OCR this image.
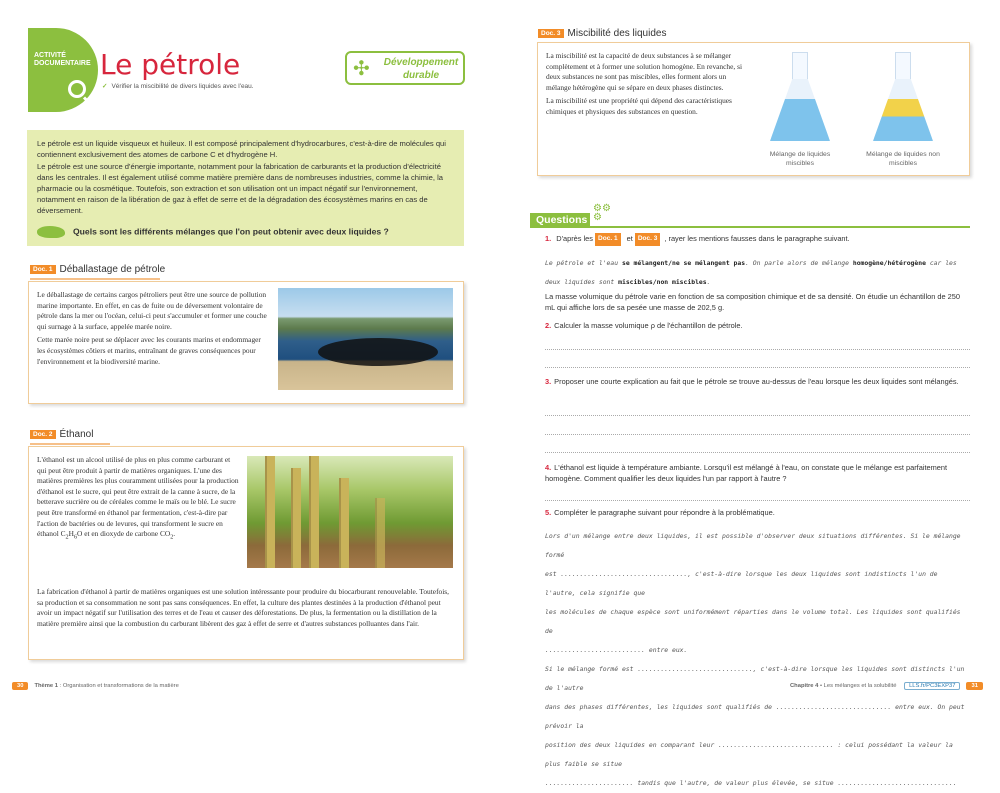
ACTIVITÉ DOCUMENTAIRE Le pétrole
✓ Vérifier la miscibilité de divers liquides avec l'eau.
✣	Développement durable

Le pétrole est un liquide visqueux et huileux. Il est composé principalement d'hydrocarbures, c'est-à-dire de molécules qui contiennent exclusivement des atomes de carbone C et d'hydrogène H.

Le pétrole est une source d'énergie importante, notamment pour la fabrication de carburants et la production d'électricité dans les centrales. Il est également utilisé comme matière première dans de nombreuses industries, comme la chimie, la pharmacie ou la cosmétique. Toutefois, son extraction et son utilisation ont un impact négatif sur l'environnement, notamment en raison de la libération de gaz à effet de serre et de la dégradation des écosystèmes marins en cas de déversement.

Quels sont les différents mélanges que l'on peut obtenir avec deux liquides ?
Doc. 1 Déballastage de pétrole

Le déballastage de certains cargos pétroliers peut être une source de pollution marine importante. En effet, en cas de fuite ou de déversement volontaire de pétrole dans la mer ou l'océan, celui-ci peut s'accumuler et former une couche qui surnage à la surface, appelée marée noire.

Cette marée noire peut se déplacer avec les courants marins et endommager les écosystèmes côtiers et marins, entraînant de graves conséquences pour l'environnement et la biodiversité marine.

Doc. 2 Éthanol
L'éthanol est un alcool utilisé de plus en plus comme carburant et qui peut être produit à partir de matières organiques. L'une des matières premières les plus couramment utilisées pour la production d'éthanol est le sucre, qui peut être extrait de la canne à sucre, de la betterave sucrière ou de céréales comme le maïs ou le blé. Le sucre peut être transformé en éthanol par fermentation, c'est-à-dire par l'action de bactéries ou de levures, qui transforment le sucre en éthanol $C_2H_6O$ et en dioxyde de carbone $CO_2$.
La fabrication d'éthanol à partir de matières organiques est une solution intéressante pour produire du biocarburant renouvelable. Toutefois, sa production et sa consommation ne sont pas sans conséquences. En effet, la culture des plantes destinées à la production d'éthanol peut avoir un impact négatif sur l'utilisation des terres et de l'eau et causer des déforestations. De plus, la fermentation ou la distillation de la matière première ainsi que la combustion du carburant libèrent des gaz à effet de serre et d'autres substances polluantes dans l'air.
Doc. 3 Miscibilité des liquides

La miscibilité est la capacité de deux substances à se mélanger complètement et à former une solution homogène. En revanche, si deux substances ne sont pas miscibles, elles forment alors un mélange hétérogène qui se sépare en deux phases distinctes.

La miscibilité est une propriété qui dépend des caractéristiques chimiques et physiques des substances en question.

Mélange de liquides miscibles
Mélange de liquides non miscibles
Questions
⚙⚙
⚙
1. D'après les Doc. 1 et Doc. 3 , rayer les mentions fausses dans le paragraphe suivant.
Le pétrole et l'eau se mélangent/ne se mélangent pas. On parle alors de mélange homogène/hétérogène car les deux liquides sont miscibles/non miscibles.
La masse volumique du pétrole varie en fonction de sa composition chimique et de sa densité. On étudie un échantillon de 250 mL qui affiche lors de sa pesée une masse de 202,5 g.
2. Calculer la masse volumique ρ de l'échantillon de pétrole.
3. Proposer une courte explication au fait que le pétrole se trouve au-dessus de l'eau lorsque les deux liquides sont mélangés.
4. L'éthanol est liquide à température ambiante. Lorsqu'il est mélangé à l'eau, on constate que le mélange est parfaitement homogène. Comment qualifier les deux liquides l'un par rapport à l'autre ?
5. Compléter le paragraphe suivant pour répondre à la problématique.
Lors d'un mélange entre deux liquides, il est possible d'observer deux situations différentes. Si le mélange formé
est ................................., c'est-à-dire lorsque les deux liquides sont indistincts l'un de l'autre, cela signifie que
les molécules de chaque espèce sont uniformément réparties dans le volume total. Les liquides sont qualifiés de
.......................... entre eux.
Si le mélange formé est .............................., c'est-à-dire lorsque les liquides sont distincts l'un de l'autre
dans des phases différentes, les liquides sont qualifiés de .............................. entre eux. On peut prévoir la
position des deux liquides en comparant leur .............................. : celui possédant la valeur la plus faible se situe
....................... tandis que l'autre, de valeur plus élevée, se situe ...............................
30 Thème 1 : Organisation et transformations de la matière	Chapitre 4 • Les mélanges et la solubilité LLS.fr/PC3EXP37	31
